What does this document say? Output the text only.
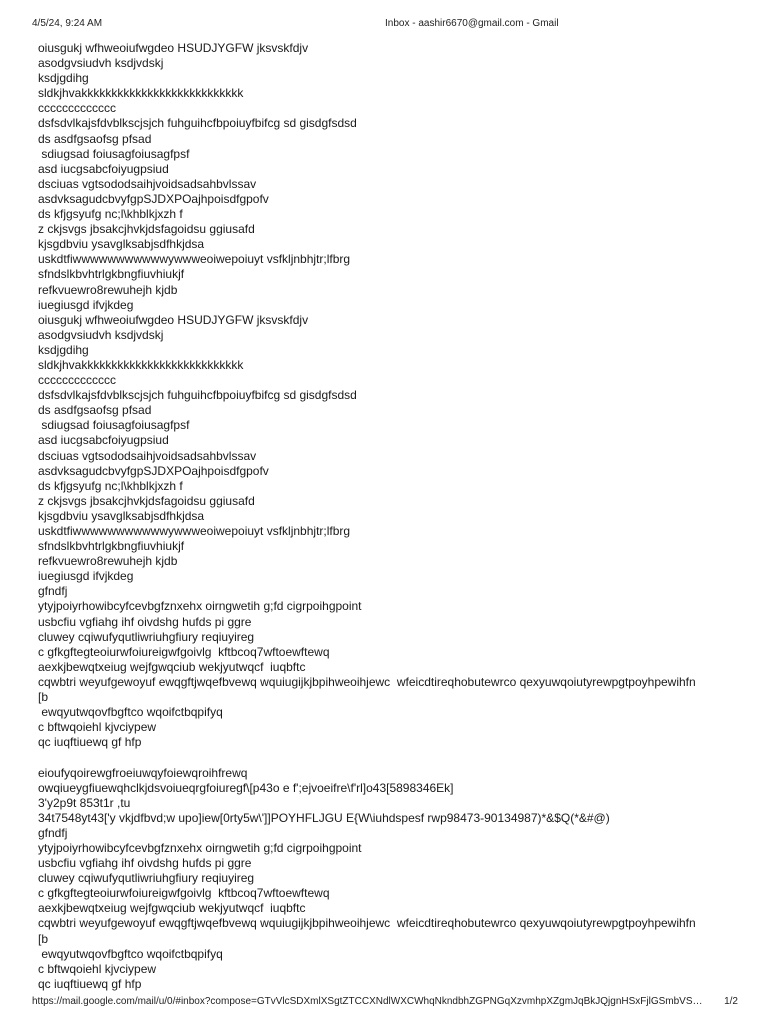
4/5/24, 9:24 AM	Inbox - aashir6670@gmail.com - Gmail
oiusgukj wfhweoiufwgdeo HSUDJYGFW jksvskfdjv
asodgvsiudvh ksdjvdskj
ksdjgdihg
sldkjhvakkkkkkkkkkkkkkkkkkkkkkkkkkk
ccccccccccccc
dsfsdvlkajsfdvblkscjsjch fuhguihcfbpoiuyfbifcg sd gisdgfsdsd
ds asdfgsaofsg pfsad
sdiugsad foiusagfoiusagfpsf
asd iucgsabcfoiyugpsiud
dsciuas vgtsododsaihjvoidsadsahbvlssav
asdvksagudcbvyfgpSJDXPOajhpoisdfgpofv
ds kfjgsyufg nc;l\khblkjxzh f
z ckjsvgs jbsakcjhvkjdsfagoidsu ggiusafd
kjsgdbviu ysavglksabjsdfhkjdsa
uskdtfiwwwwwwwwwwwywwweoiwepoiuyt vsfkljnbhjtr;lfbrg
sfndslkbvhtrlgkbngfiuvhiukjf
refkvuewro8rewuhejh kjdb
iuegiusgd ifvjkdeg
oiusgukj wfhweoiufwgdeo HSUDJYGFW jksvskfdjv
asodgvsiudvh ksdjvdskj
ksdjgdihg
sldkjhvakkkkkkkkkkkkkkkkkkkkkkkkkkk
ccccccccccccc
dsfsdvlkajsfdvblkscjsjch fuhguihcfbpoiuyfbifcg sd gisdgfsdsd
ds asdfgsaofsg pfsad
sdiugsad foiusagfoiusagfpsf
asd iucgsabcfoiyugpsiud
dsciuas vgtsododsaihjvoidsadsahbvlssav
asdvksagudcbvyfgpSJDXPOajhpoisdfgpofv
ds kfjgsyufg nc;l\khblkjxzh f
z ckjsvgs jbsakcjhvkjdsfagoidsu ggiusafd
kjsgdbviu ysavglksabjsdfhkjdsa
uskdtfiwwwwwwwwwwwywwweoiwepoiuyt vsfkljnbhjtr;lfbrg
sfndslkbvhtrlgkbngfiuvhiukjf
refkvuewro8rewuhejh kjdb
iuegiusgd ifvjkdeg
gfndfj
ytyjpoiyrhowibcyfcevbgfznxehx oirngwetih g;fd cigrpoihgpoint
usbcfiu vgfiahg ihf oivdshg hufds pi ggre
cluwey cqiwufyqutliwriuhgfiury reqiuyireg
c gfkgftegteoiurwfoiureigwfgoivlg  kftbcoq7wftoewftewq
aexkjbewqtxeiug wejfgwqciub wekjyutwqcf  iuqbftc
cqwbtri weyufgewoyuf ewqgftjwqefbvewq wquiugijkjbpihweoihjewc  wfeicdtireqhobutewrco qexyuwqoiutyrewpgtpoyhpewihfn
[b
ewqyutwqovfbgftco wqoifctbqpifyq
c bftwqoiehl kjvciypew
qc iuqftiuewq gf hfp
eioufyqoirewgfroeiuwqyfoiewqroihfrewq
owqiueygfiuewqhclkjdsvoiueqrgfoiuregf\[p43o e f';ejvoeifre\f'rl]o43[5898346Ek]
3'y2p9t 853t1r ,tu
34t7548yt43['y vkjdfbvd;w upo]iew[0rty5w\']]POYHFLJGU E{W\iuhdspesf rwp98473-90134987)*&$Q(*&#@)
gfndfj
ytyjpoiyrhowibcyfcevbgfznxehx oirngwetih g;fd cigrpoihgpoint
usbcfiu vgfiahg ihf oivdshg hufds pi ggre
cluwey cqiwufyqutliwriuhgfiury reqiuyireg
c gfkgftegteoiurwfoiureigwfgoivlg  kftbcoq7wftoewftewq
aexkjbewqtxeiug wejfgwqciub wekjyutwqcf  iuqbftc
cqwbtri weyufgewoyuf ewqgftjwqefbvewq wquiugijkjbpihweoihjewc  wfeicdtireqhobutewrco qexyuwqoiutyrewpgtpoyhpewihfn
[b
ewqyutwqovfbgftco wqoifctbqpifyq
c bftwqoiehl kjvciypew
qc iuqftiuewq gf hfp
https://mail.google.com/mail/u/0/#inbox?compose=GTvVlcSDXmlXSgtZTCCXNdlWXCWhqNkndbhZGPNGqXzvmhpXZgmJqBkJQjgnHSxFjlGSmbVS…	1/2
